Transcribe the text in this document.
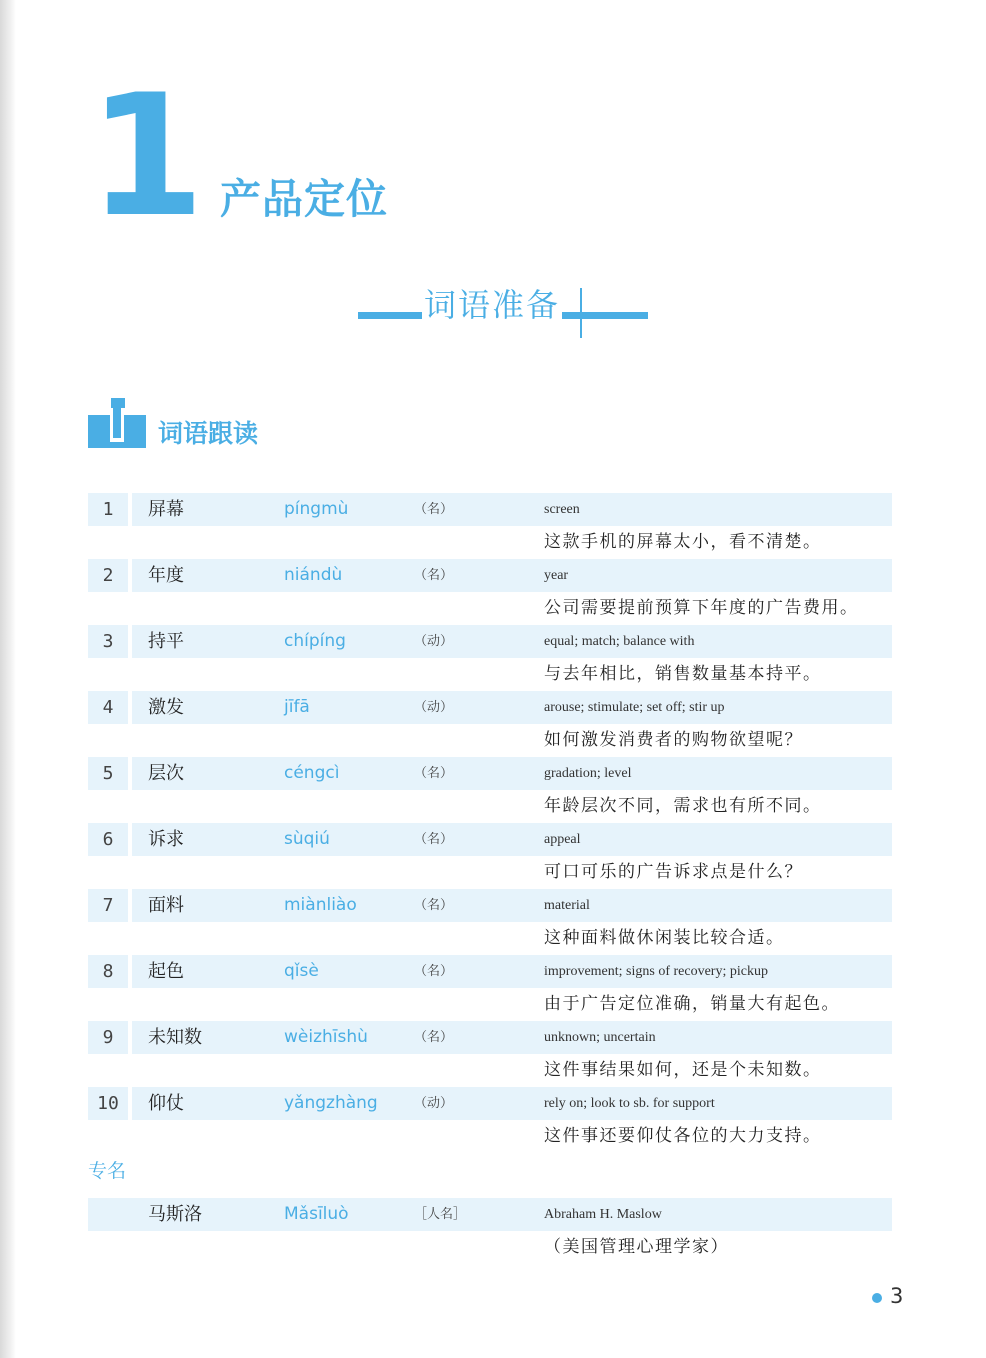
1 产品定位
词语准备
词语跟读
1	屏幕	píngmù	（名）	screen
这款手机的屏幕太小，看不清楚。
2	年度	niándù	（名）	year
公司需要提前预算下年度的广告费用。
3	持平	chípíng	（动）	equal; match; balance with
与去年相比，销售数量基本持平。
4	激发	jīfā	（动）	arouse; stimulate; set off; stir up
如何激发消费者的购物欲望呢？
5	层次	céngcì	（名）	gradation; level
年龄层次不同，需求也有所不同。
6	诉求	sùqiú	（名）	appeal
可口可乐的广告诉求点是什么？
7	面料	miànliào	（名）	material
这种面料做休闲装比较合适。
8	起色	qǐsè	（名）	improvement; signs of recovery; pickup
由于广告定位准确，销量大有起色。
9	未知数	wèizhīshù	（名）	unknown; uncertain
这件事结果如何，还是个未知数。
10	仰仗	yǎngzhàng	（动）	rely on; look to sb. for support
这件事还要仰仗各位的大力支持。
专名
马斯洛	Mǎsīluò	［人名］	Abraham H. Maslow
（美国管理心理学家）
3
